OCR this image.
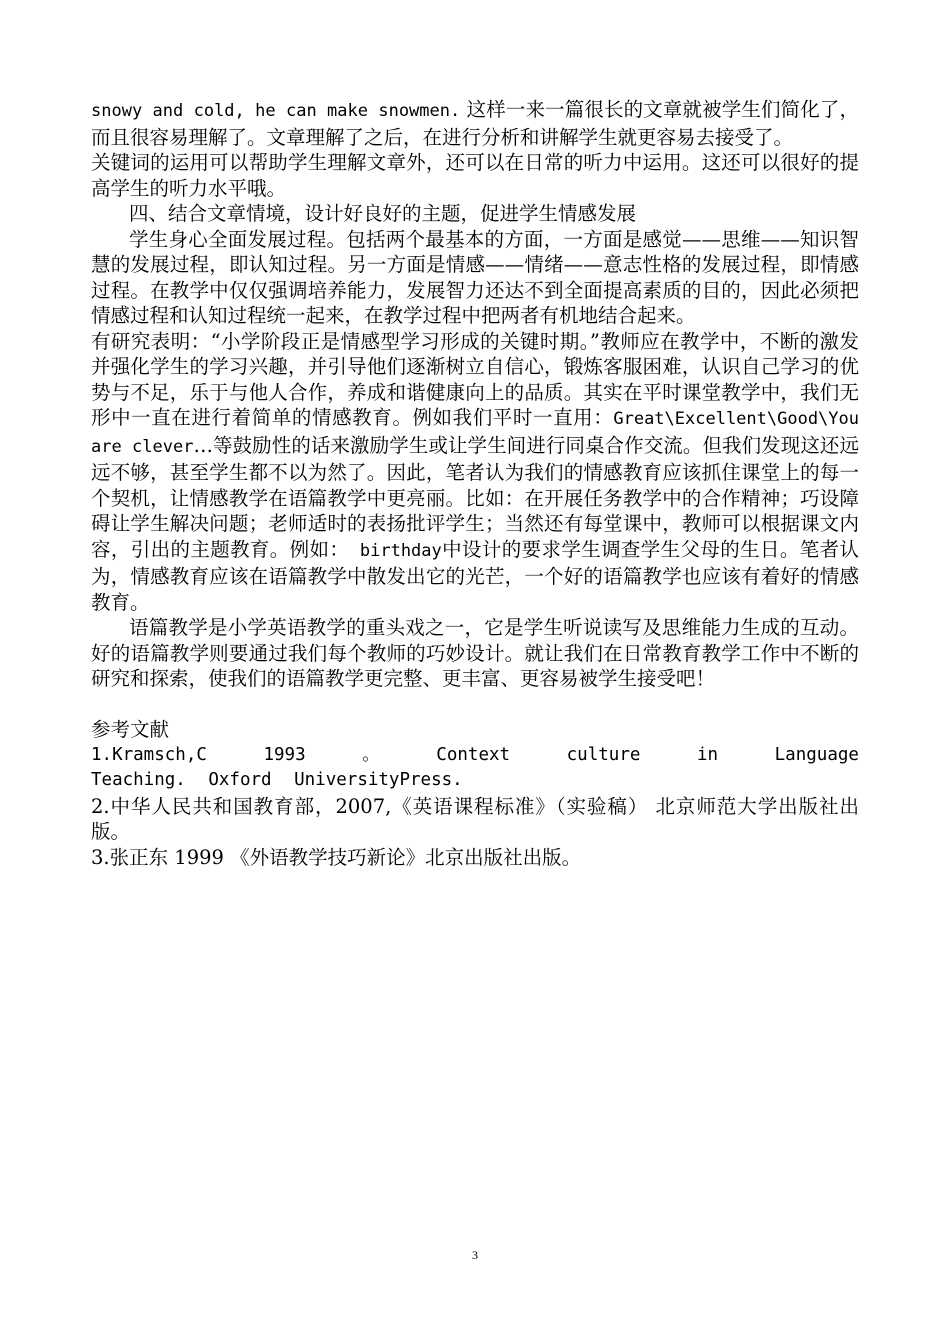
snowy and cold, he can make snowmen. 这样一来一篇很长的文章就被学生们简化了，而且很容易理解了。文章理解了之后，在进行分析和讲解学生就更容易去接受了。

关键词的运用可以帮助学生理解文章外，还可以在日常的听力中运用。这还可以很好的提高学生的听力水平哦。

四、结合文章情境，设计好良好的主题，促进学生情感发展

学生身心全面发展过程。包括两个最基本的方面，一方面是感觉——思维——知识智慧的发展过程，即认知过程。另一方面是情感——情绪——意志性格的发展过程，即情感过程。在教学中仅仅强调培养能力，发展智力还达不到全面提高素质的目的，因此必须把情感过程和认知过程统一起来，在教学过程中把两者有机地结合起来。

有研究表明：“小学阶段正是情感型学习形成的关键时期。”教师应在教学中，不断的激发并强化学生的学习兴趣，并引导他们逐渐树立自信心，锻炼客服困难，认识自己学习的优势与不足，乐于与他人合作，养成和谐健康向上的品质。其实在平时课堂教学中，我们无形中一直在进行着简单的情感教育。例如我们平时一直用：Great\Excellent\Good\You are clever…等鼓励性的话来激励学生或让学生间进行同桌合作交流。但我们发现这还远远不够，甚至学生都不以为然了。因此，笔者认为我们的情感教育应该抓住课堂上的每一个契机，让情感教学在语篇教学中更亮丽。比如：在开展任务教学中的合作精神；巧设障碍让学生解决问题；老师适时的表扬批评学生；当然还有每堂课中，教师可以根据课文内容，引出的主题教育。例如： birthday中设计的要求学生调查学生父母的生日。笔者认为，情感教育应该在语篇教学中散发出它的光芒，一个好的语篇教学也应该有着好的情感教育。

语篇教学是小学英语教学的重头戏之一，它是学生听说读写及思维能力生成的互动。好的语篇教学则要通过我们每个教师的巧妙设计。就让我们在日常教育教学工作中不断的研究和探索，使我们的语篇教学更完整、更丰富、更容易被学生接受吧！

参考文献

1.Kramsch,C	1993	。	Context	culture	in	Language
Teaching. Oxford UniversityPress.

2.中华人民共和国教育部，2007,《英语课程标准》（实验稿） 北京师范大学出版社出版。

3.张正东 1999 《外语教学技巧新论》北京出版社出版。

3
